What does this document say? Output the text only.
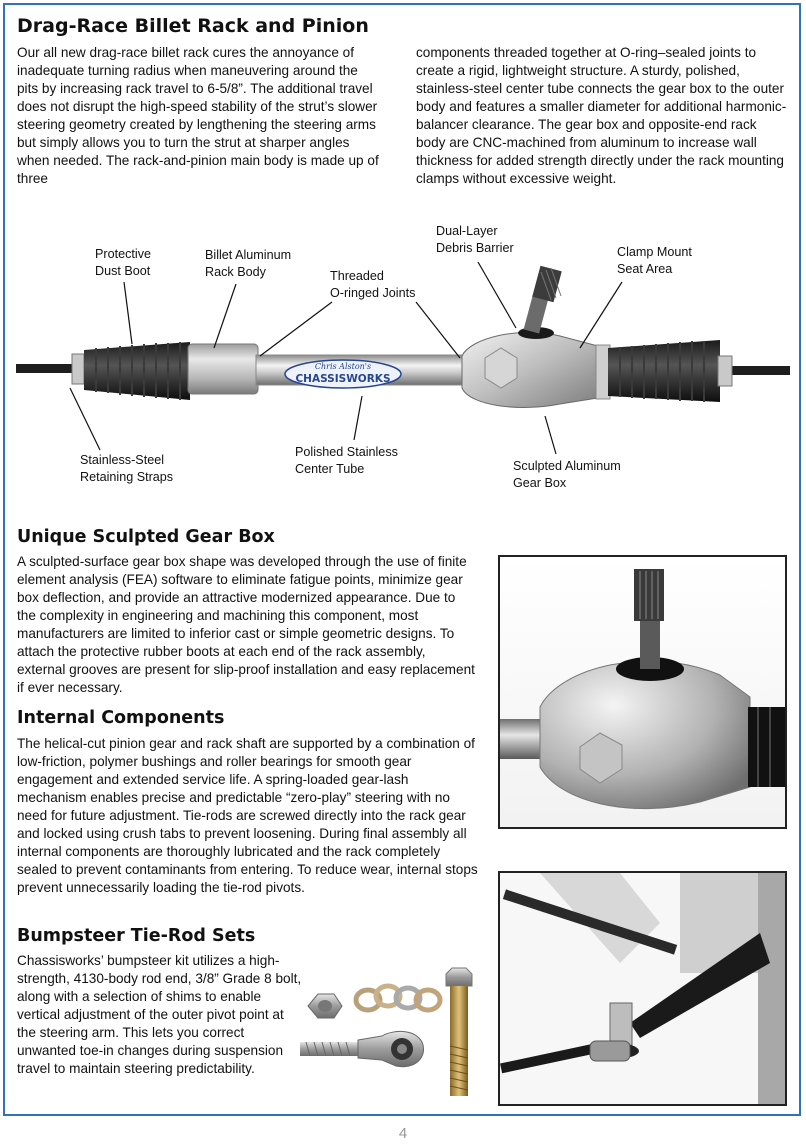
Drag-Race Billet Rack and Pinion

Our all new drag-race billet rack cures the annoyance of inadequate turning radius when maneuvering around the pits by increasing rack travel to 6-5/8”. The additional travel does not disrupt the high-speed stability of the strut’s slower steering geometry created by lengthening the steering arms but simply allows you to turn the strut at sharper angles when needed. The rack-and-pinion main body is made up of three

components threaded together at O-ring–sealed joints to create a rigid, lightweight structure. A sturdy, polished, stainless-steel center tube connects the gear box to the outer body and features a smaller diameter for additional harmonic-balancer clearance. The gear box and opposite-end rack body are CNC-machined from aluminum to increase wall thickness for added strength directly under the rack mounting clamps without excessive weight.

Chris Alston's
CHASSISWORKS
Protective
Dust Boot
Billet Aluminum
Rack Body	Threaded
O-ringed Joints
Dual-Layer
Debris Barrier	Clamp Mount
Seat Area
Stainless-Steel
Retaining Straps
Polished Stainless
Center Tube	Sculpted Aluminum
Gear Box
Unique Sculpted Gear Box

A sculpted-surface gear box shape was developed through the use of finite element analysis (FEA) software to eliminate fatigue points, minimize gear box deflection, and provide an attractive modernized appearance. Due to the complexity in engineering and machining this component, most manufacturers are limited to inferior cast or simple geometric designs. To attach the protective rubber boots at each end of the rack assembly, external grooves are present for slip-proof installation and easy replacement if ever necessary.

Internal Components

The helical-cut pinion gear and rack shaft are supported by a combination of low-friction, polymer bushings and roller bearings for smooth gear engagement and extended service life. A spring-loaded gear-lash mechanism enables precise and predictable “zero-play” steering with no need for future adjustment. Tie-rods are screwed directly into the rack gear and locked using crush tabs to prevent loosening. During final assembly all internal components are thoroughly lubricated and the rack completely sealed to prevent contaminants from entering. To reduce wear, internal stops prevent unnecessarily loading the tie-rod pivots.

Bumpsteer Tie-Rod Sets

Chassisworks’ bumpsteer kit utilizes a high-strength, 4130-body rod end, 3/8” Grade 8 bolt, along with a selection of shims to enable vertical adjustment of the outer pivot point at the steering arm. This lets you correct unwanted toe-in changes during suspension travel to maintain steering predictability.

4
